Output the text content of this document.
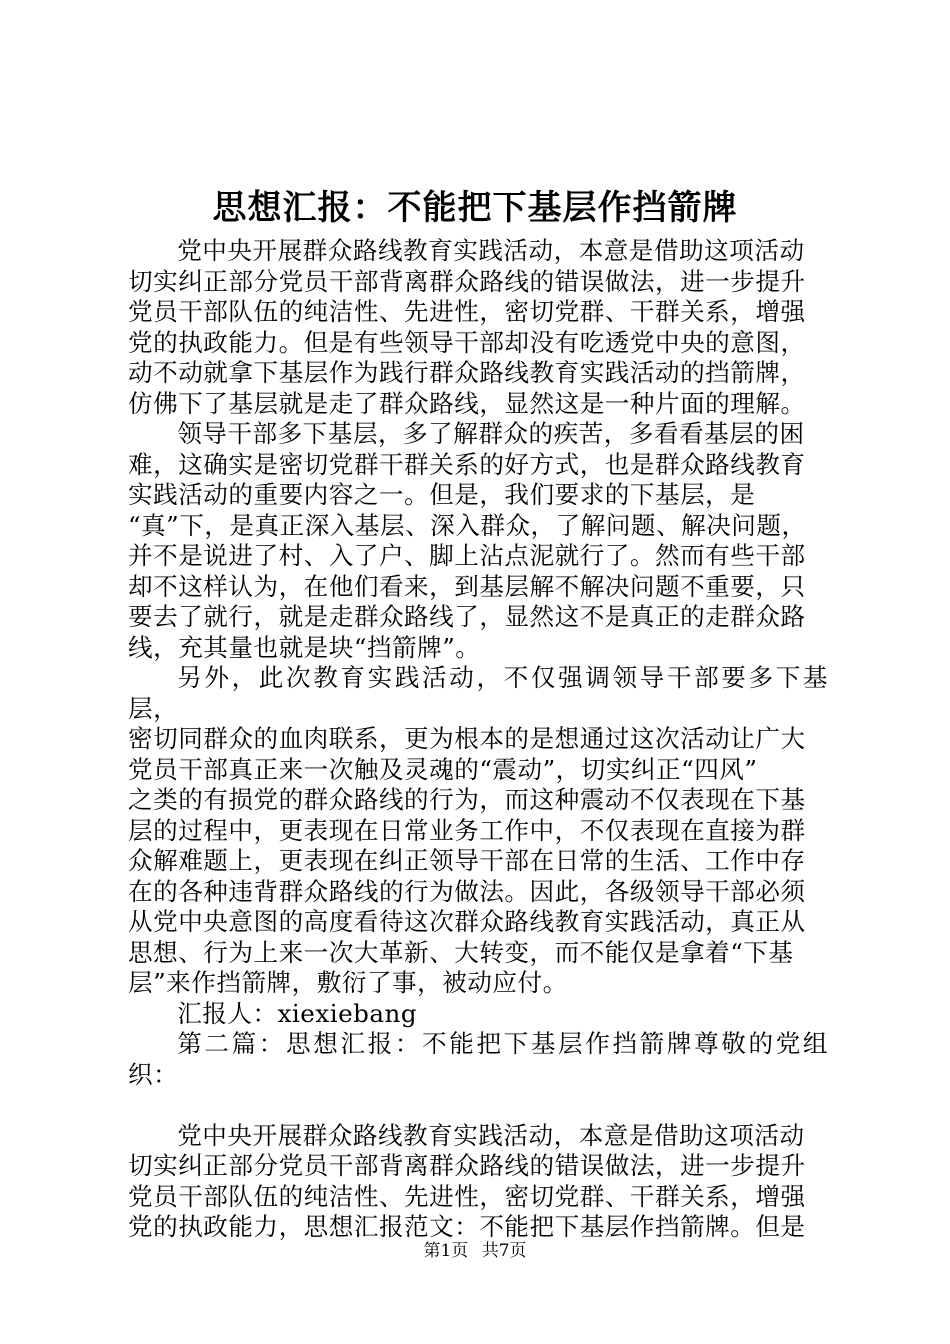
思想汇报：不能把下基层作挡箭牌

党中央开展群众路线教育实践活动，本意是借助这项活动
切实纠正部分党员干部背离群众路线的错误做法，进一步提升
党员干部队伍的纯洁性、先进性，密切党群、干群关系，增强
党的执政能力。但是有些领导干部却没有吃透党中央的意图，
动不动就拿下基层作为践行群众路线教育实践活动的挡箭牌，
仿佛下了基层就是走了群众路线，显然这是一种片面的理解。

领导干部多下基层，多了解群众的疾苦，多看看基层的困
难，这确实是密切党群干群关系的好方式，也是群众路线教育
实践活动的重要内容之一。但是，我们要求的下基层，是
“真”下，是真正深入基层、深入群众，了解问题、解决问题，
并不是说进了村、入了户、脚上沾点泥就行了。然而有些干部
却不这样认为，在他们看来，到基层解不解决问题不重要，只
要去了就行，就是走群众路线了，显然这不是真正的走群众路
线，充其量也就是块“挡箭牌”。

另外，此次教育实践活动，不仅强调领导干部要多下基层，
密切同群众的血肉联系，更为根本的是想通过这次活动让广大
党员干部真正来一次触及灵魂的“震动”，切实纠正“四风”
之类的有损党的群众路线的行为，而这种震动不仅表现在下基
层的过程中，更表现在日常业务工作中，不仅表现在直接为群
众解难题上，更表现在纠正领导干部在日常的生活、工作中存
在的各种违背群众路线的行为做法。因此，各级领导干部必须
从党中央意图的高度看待这次群众路线教育实践活动，真正从
思想、行为上来一次大革新、大转变，而不能仅是拿着“下基
层”来作挡箭牌，敷衍了事，被动应付。

汇报人：xiexiebang

第二篇：思想汇报：不能把下基层作挡箭牌尊敬的党组织：

党中央开展群众路线教育实践活动，本意是借助这项活动
切实纠正部分党员干部背离群众路线的错误做法，进一步提升
党员干部队伍的纯洁性、先进性，密切党群、干群关系，增强
党的执政能力，思想汇报范文：不能把下基层作挡箭牌。但是

第1页 共7页
